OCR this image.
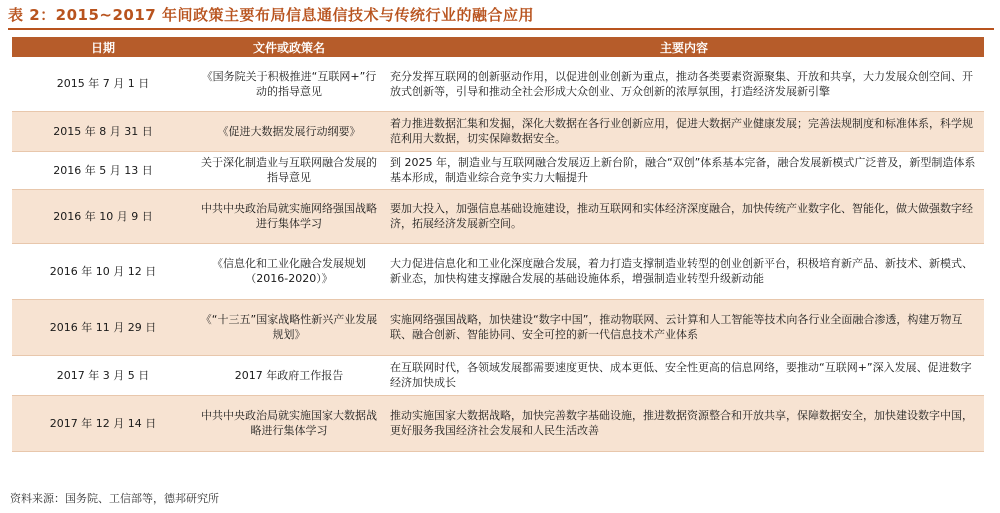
表 2：2015~2017 年间政策主要布局信息通信技术与传统行业的融合应用
日期	文件或政策名	主要内容
2015 年 7 月 1 日	《国务院关于积极推进“互联网+”行动的指导意见	充分发挥互联网的创新驱动作用，以促进创业创新为重点，推动各类要素资源聚集、开放和共享，大力发展众创空间、开放式创新等，引导和推动全社会形成大众创业、万众创新的浓厚氛围，打造经济发展新引擎
2015 年 8 月 31 日	《促进大数据发展行动纲要》	着力推进数据汇集和发掘，深化大数据在各行业创新应用，促进大数据产业健康发展；完善法规制度和标准体系，科学规范利用大数据，切实保障数据安全。
2016 年 5 月 13 日	关于深化制造业与互联网融合发展的指导意见	到 2025 年，制造业与互联网融合发展迈上新台阶，融合“双创”体系基本完备，融合发展新模式广泛普及，新型制造体系基本形成，制造业综合竞争实力大幅提升
2016 年 10 月 9 日	中共中央政治局就实施网络强国战略进行集体学习	要加大投入，加强信息基础设施建设，推动互联网和实体经济深度融合，加快传统产业数字化、智能化，做大做强数字经济，拓展经济发展新空间。
2016 年 10 月 12 日	《信息化和工业化融合发展规划（2016-2020）》	大力促进信息化和工业化深度融合发展，着力打造支撑制造业转型的创业创新平台，积极培育新产品、新技术、新模式、新业态，加快构建支撑融合发展的基础设施体系，增强制造业转型升级新动能
2016 年 11 月 29 日	《“十三五”国家战略性新兴产业发展规划》	实施网络强国战略，加快建设“数字中国”，推动物联网、云计算和人工智能等技术向各行业全面融合渗透，构建万物互联、融合创新、智能协同、安全可控的新一代信息技术产业体系
2017 年 3 月 5 日	2017 年政府工作报告	在互联网时代，各领域发展都需要速度更快、成本更低、安全性更高的信息网络，要推动“互联网+”深入发展、促进数字经济加快成长
2017 年 12 月 14 日	中共中央政治局就实施国家大数据战略进行集体学习	推动实施国家大数据战略，加快完善数字基础设施，推进数据资源整合和开放共享，保障数据安全，加快建设数字中国，更好服务我国经济社会发展和人民生活改善
资料来源：国务院、工信部等，德邦研究所
